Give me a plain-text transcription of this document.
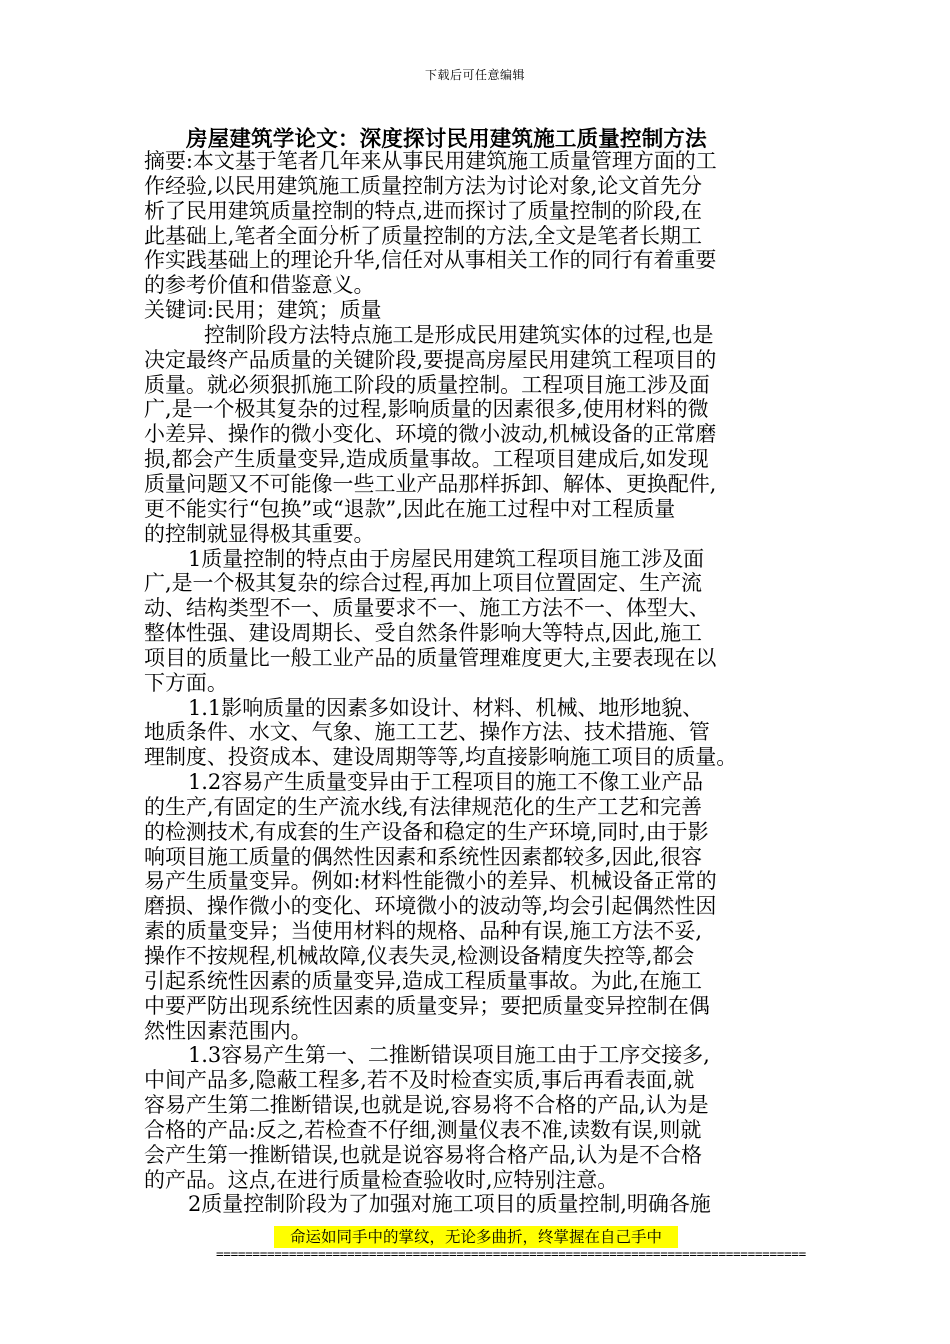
下载后可任意编辑
房屋建筑学论文：深度探讨民用建筑施工质量控制方法

摘要:本文基于笔者几年来从事民用建筑施工质量管理方面的工

作经验,以民用建筑施工质量控制方法为讨论对象,论文首先分

析了民用建筑质量控制的特点,进而探讨了质量控制的阶段,在

此基础上,笔者全面分析了质量控制的方法,全文是笔者长期工

作实践基础上的理论升华,信任对从事相关工作的同行有着重要

的参考价值和借鉴意义。

关键词:民用；建筑；质量

控制阶段方法特点施工是形成民用建筑实体的过程,也是

决定最终产品质量的关键阶段,要提高房屋民用建筑工程项目的

质量。就必须狠抓施工阶段的质量控制。工程项目施工涉及面

广,是一个极其复杂的过程,影响质量的因素很多,使用材料的微

小差异、操作的微小变化、环境的微小波动,机械设备的正常磨

损,都会产生质量变异,造成质量事故。工程项目建成后,如发现

质量问题又不可能像一些工业产品那样拆卸、解体、更换配件,

更不能实行“包换”或“退款”,因此在施工过程中对工程质量

的控制就显得极其重要。

1质量控制的特点由于房屋民用建筑工程项目施工涉及面

广,是一个极其复杂的综合过程,再加上项目位置固定、生产流

动、结构类型不一、质量要求不一、施工方法不一、体型大、

整体性强、建设周期长、受自然条件影响大等特点,因此,施工

项目的质量比一般工业产品的质量管理难度更大,主要表现在以

下方面。

1.1影响质量的因素多如设计、材料、机械、地形地貌、

地质条件、水文、气象、施工工艺、操作方法、技术措施、管

理制度、投资成本、建设周期等等,均直接影响施工项目的质量。

1.2容易产生质量变异由于工程项目的施工不像工业产品

的生产,有固定的生产流水线,有法律规范化的生产工艺和完善

的检测技术,有成套的生产设备和稳定的生产环境,同时,由于影

响项目施工质量的偶然性因素和系统性因素都较多,因此,很容

易产生质量变异。例如:材料性能微小的差异、机械设备正常的

磨损、操作微小的变化、环境微小的波动等,均会引起偶然性因

素的质量变异；当使用材料的规格、品种有误,施工方法不妥,

操作不按规程,机械故障,仪表失灵,检测设备精度失控等,都会

引起系统性因素的质量变异,造成工程质量事故。为此,在施工

中要严防出现系统性因素的质量变异；要把质量变异控制在偶

然性因素范围内。

1.3容易产生第一、二推断错误项目施工由于工序交接多,

中间产品多,隐蔽工程多,若不及时检查实质,事后再看表面,就

容易产生第二推断错误,也就是说,容易将不合格的产品,认为是

合格的产品:反之,若检查不仔细,测量仪表不准,读数有误,则就

会产生第一推断错误,也就是说容易将合格产品,认为是不合格

的产品。这点,在进行质量检查验收时,应特别注意。

2质量控制阶段为了加强对施工项目的质量控制,明确各施

命运如同手中的掌纹，无论多曲折，终掌握在自己手中
=================================================================================
